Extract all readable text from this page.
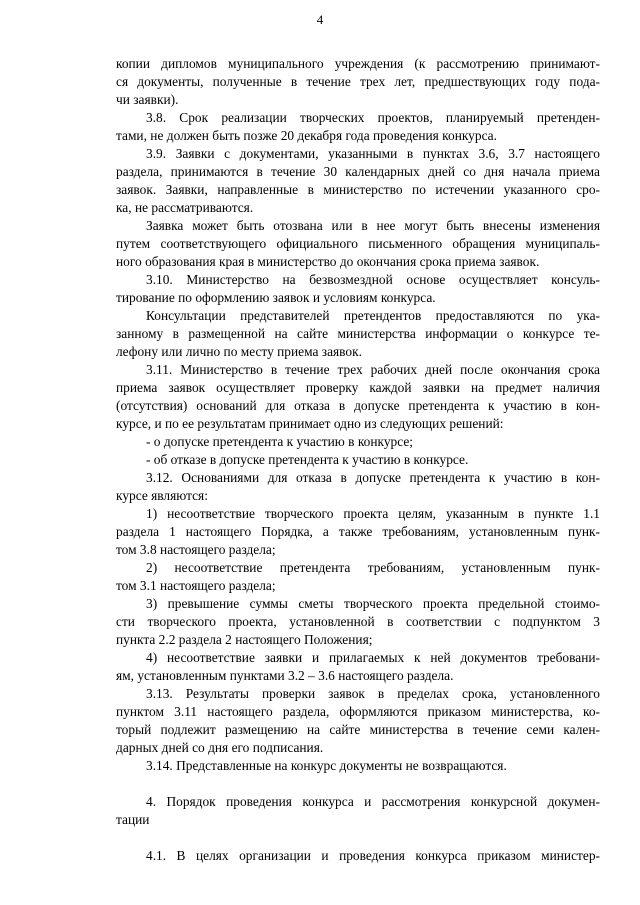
4
копии дипломов муниципального учреждения (к рассмотрению принимают-
ся документы, полученные в течение трех лет, предшествующих году пода-
чи заявки).
3.8. Срок реализации творческих проектов, планируемый претенден-
тами, не должен быть позже 20 декабря года проведения конкурса.
3.9. Заявки с документами, указанными в пунктах 3.6, 3.7 настоящего
раздела, принимаются в течение 30 календарных дней со дня начала приема
заявок. Заявки, направленные в министерство по истечении указанного сро-
ка, не рассматриваются.
Заявка может быть отозвана или в нее могут быть внесены изменения
путем соответствующего официального письменного обращения муниципаль-
ного образования края в министерство до окончания срока приема заявок.
3.10. Министерство на безвозмездной основе осуществляет консуль-
тирование по оформлению заявок и условиям конкурса.
Консультации представителей претендентов предоставляются по ука-
занному в размещенной на сайте министерства информации о конкурсе те-
лефону или лично по месту приема заявок.
3.11. Министерство в течение трех рабочих дней после окончания срока
приема заявок осуществляет проверку каждой заявки на предмет наличия
(отсутствия) оснований для отказа в допуске претендента к участию в кон-
курсе, и по ее результатам принимает одно из следующих решений:
- о допуске претендента к участию в конкурсе;
- об отказе в допуске претендента к участию в конкурсе.
3.12. Основаниями для отказа в допуске претендента к участию в кон-
курсе являются:
1) несоответствие творческого проекта целям, указанным в пункте 1.1
раздела 1 настоящего Порядка, а также требованиям, установленным пунк-
том 3.8 настоящего раздела;
2) несоответствие претендента требованиям, установленным пунк-
том 3.1 настоящего раздела;
3) превышение суммы сметы творческого проекта предельной стоимо-
сти творческого проекта, установленной в соответствии с подпунктом 3
пункта 2.2 раздела 2 настоящего Положения;
4) несоответствие заявки и прилагаемых к ней документов требовани-
ям, установленным пунктами 3.2 – 3.6 настоящего раздела.
3.13. Результаты проверки заявок в пределах срока, установленного
пунктом 3.11 настоящего раздела, оформляются приказом министерства, ко-
торый подлежит размещению на сайте министерства в течение семи кален-
дарных дней со дня его подписания.
3.14. Представленные на конкурс документы не возвращаются.
4. Порядок проведения конкурса и рассмотрения конкурсной докумен-
тации
4.1. В целях организации и проведения конкурса приказом министер-
